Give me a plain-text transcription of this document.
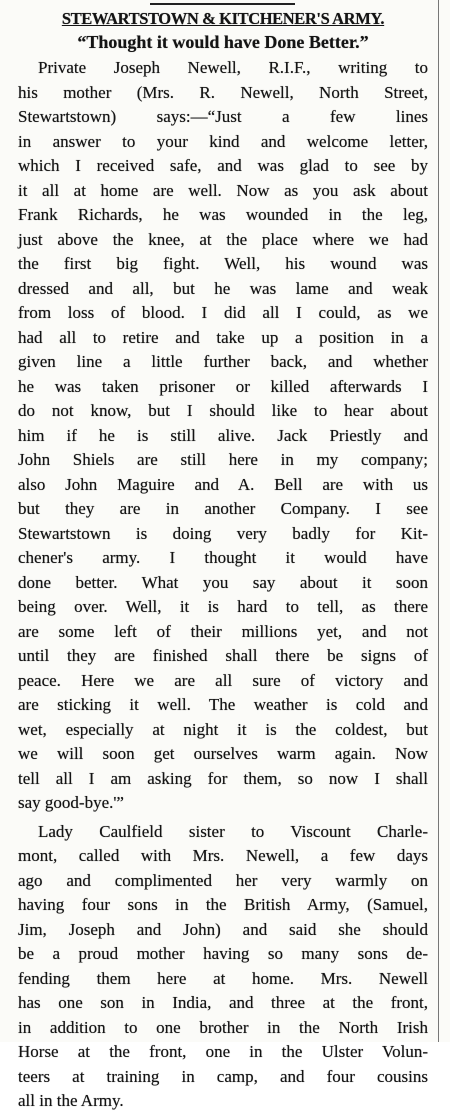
STEWARTSTOWN & KITCHENER'S ARMY.
“Thought it would have Done Better.”
Private Joseph Newell, R.I.F., writing to
his mother (Mrs. R. Newell, North Street,
Stewartstown) says:—“Just a few lines
in answer to your kind and welcome letter,
which I received safe, and was glad to see by
it all at home are well. Now as you ask about
Frank Richards, he was wounded in the leg,
just above the knee, at the place where we had
the first big fight. Well, his wound was
dressed and all, but he was lame and weak
from loss of blood. I did all I could, as we
had all to retire and take up a position in a
given line a little further back, and whether
he was taken prisoner or killed afterwards I
do not know, but I should like to hear about
him if he is still alive. Jack Priestly and
John Shiels are still here in my company;
also John Maguire and A. Bell are with us
but they are in another Company. I see
Stewartstown is doing very badly for Kit-
chener's army. I thought it would have
done better. What you say about it soon
being over. Well, it is hard to tell, as there
are some left of their millions yet, and not
until they are finished shall there be signs of
peace. Here we are all sure of victory and
are sticking it well. The weather is cold and
wet, especially at night it is the coldest, but
we will soon get ourselves warm again. Now
tell all I am asking for them, so now I shall
say good-bye.'”
Lady Caulfield sister to Viscount Charle-
mont, called with Mrs. Newell, a few days
ago and complimented her very warmly on
having four sons in the British Army, (Samuel,
Jim, Joseph and John) and said she should
be a proud mother having so many sons de-
fending them here at home. Mrs. Newell
has one son in India, and three at the front,
in addition to one brother in the North Irish
Horse at the front, one in the Ulster Volun-
teers at training in camp, and four cousins
all in the Army.
